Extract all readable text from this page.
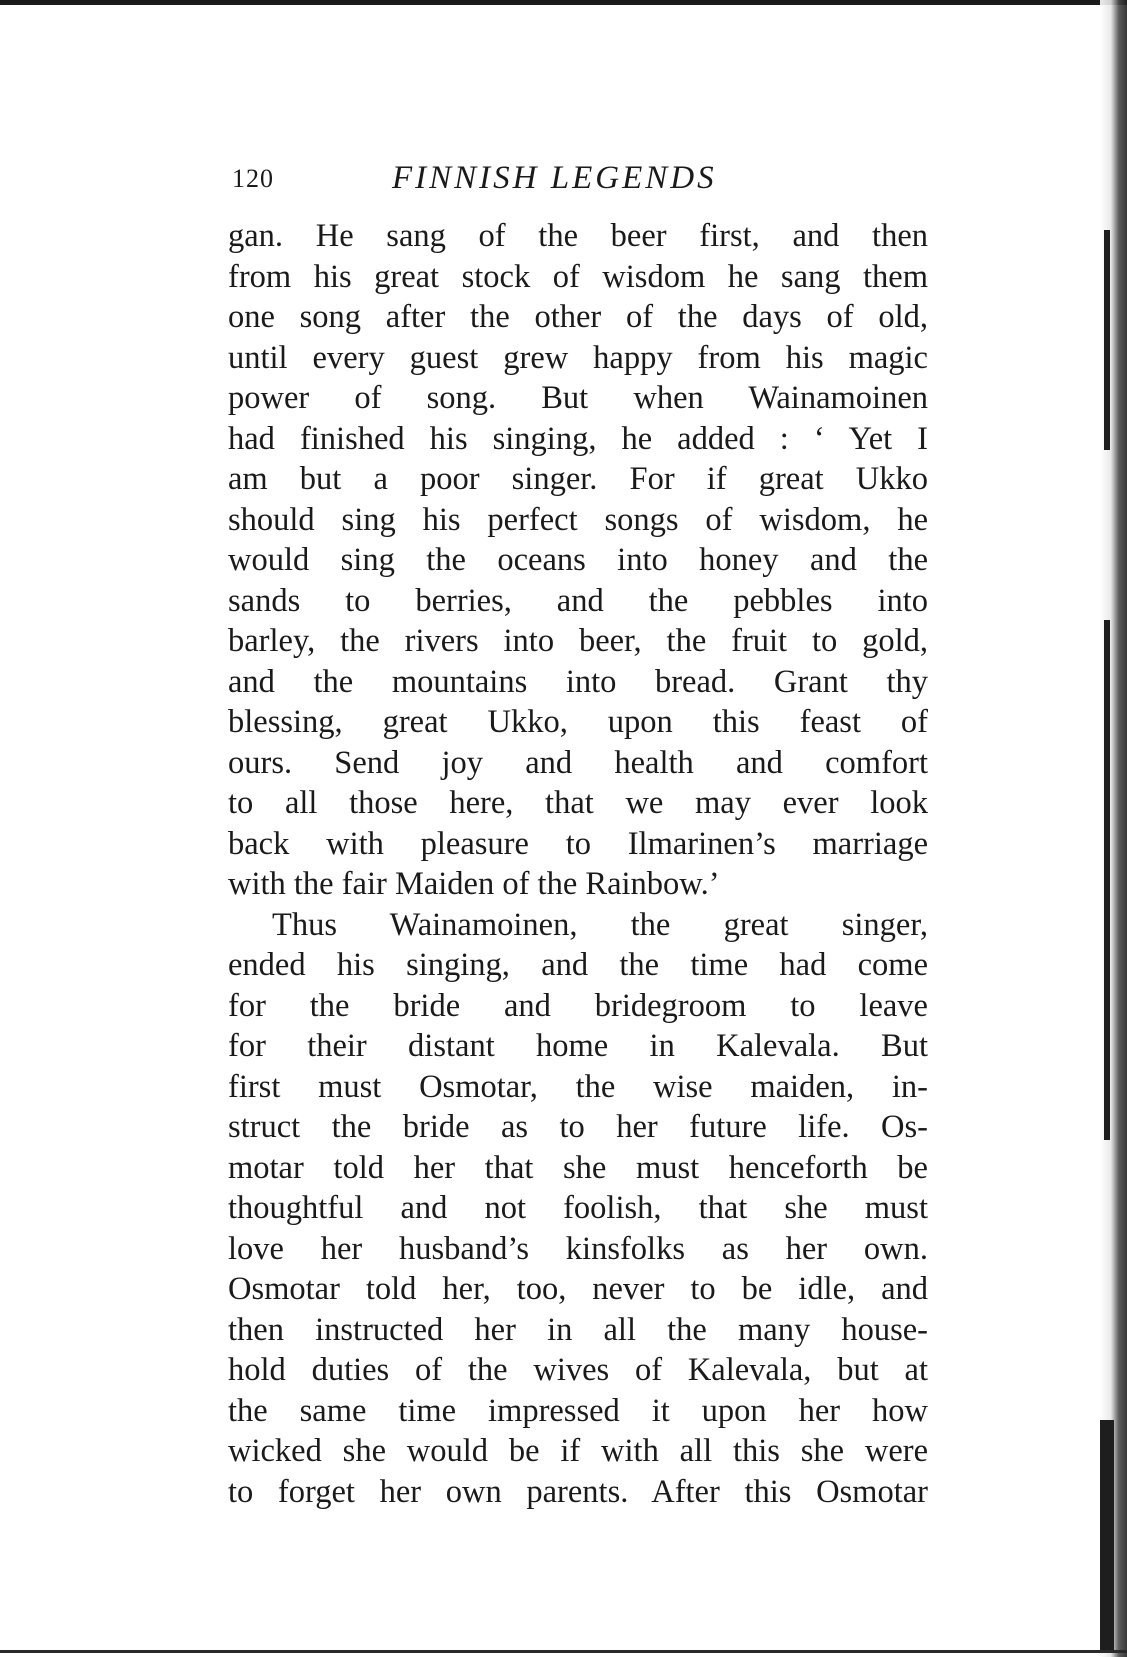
120	FINNISH LEGENDS
gan. He sang of the beer first, and then
from his great stock of wisdom he sang them
one song after the other of the days of old,
until every guest grew happy from his magic
power of song. But when Wainamoinen
had finished his singing, he added : ‘ Yet I
am but a poor singer. For if great Ukko
should sing his perfect songs of wisdom, he
would sing the oceans into honey and the
sands to berries, and the pebbles into
barley, the rivers into beer, the fruit to gold,
and the mountains into bread. Grant thy
blessing, great Ukko, upon this feast of
ours. Send joy and health and comfort
to all those here, that we may ever look
back with pleasure to Ilmarinen’s marriage
with the fair Maiden of the Rainbow.’
Thus Wainamoinen, the great singer,
ended his singing, and the time had come
for the bride and bridegroom to leave
for their distant home in Kalevala. But
first must Osmotar, the wise maiden, in-
struct the bride as to her future life. Os-
motar told her that she must henceforth be
thoughtful and not foolish, that she must
love her husband’s kinsfolks as her own.
Osmotar told her, too, never to be idle, and
then instructed her in all the many house-
hold duties of the wives of Kalevala, but at
the same time impressed it upon her how
wicked she would be if with all this she were
to forget her own parents. After this Osmotar
